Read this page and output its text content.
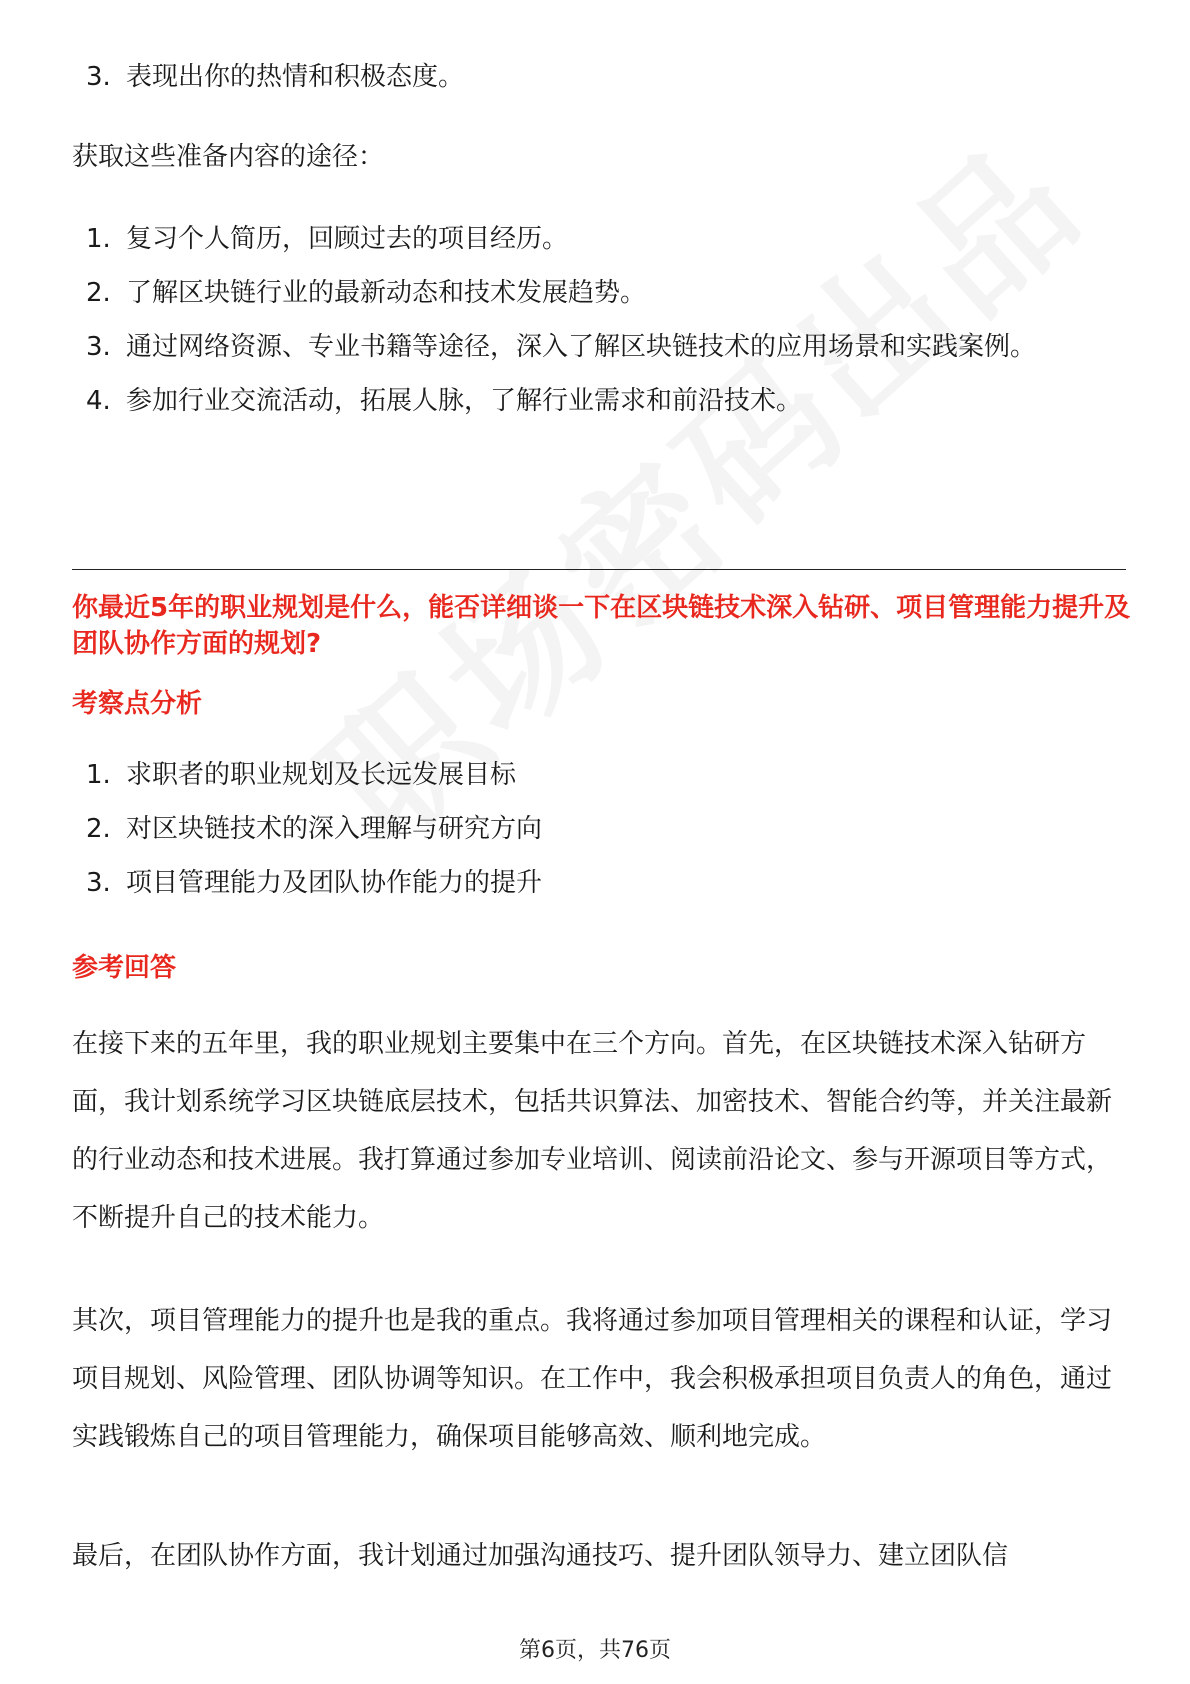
3. 表现出你的热情和积极态度。

获取这些准备内容的途径：

1. 复习个人简历，回顾过去的项目经历。
2. 了解区块链行业的最新动态和技术发展趋势。
3. 通过网络资源、专业书籍等途径，深入了解区块链技术的应用场景和实践案例。
4. 参加行业交流活动，拓展人脉，了解行业需求和前沿技术。

你最近5年的职业规划是什么，能否详细谈一下在区块链技术深入钻研、项目管理能力提升及团队协作方面的规划?

考察点分析

1. 求职者的职业规划及长远发展目标
2. 对区块链技术的深入理解与研究方向
3. 项目管理能力及团队协作能力的提升

参考回答

在接下来的五年里，我的职业规划主要集中在三个方向。首先，在区块链技术深入钻研方面，我计划系统学习区块链底层技术，包括共识算法、加密技术、智能合约等，并关注最新的行业动态和技术进展。我打算通过参加专业培训、阅读前沿论文、参与开源项目等方式，不断提升自己的技术能力。

其次，项目管理能力的提升也是我的重点。我将通过参加项目管理相关的课程和认证，学习项目规划、风险管理、团队协调等知识。在工作中，我会积极承担项目负责人的角色，通过实践锻炼自己的项目管理能力，确保项目能够高效、顺利地完成。

最后，在团队协作方面，我计划通过加强沟通技巧、提升团队领导力、建立团队信

第6页，共76页
